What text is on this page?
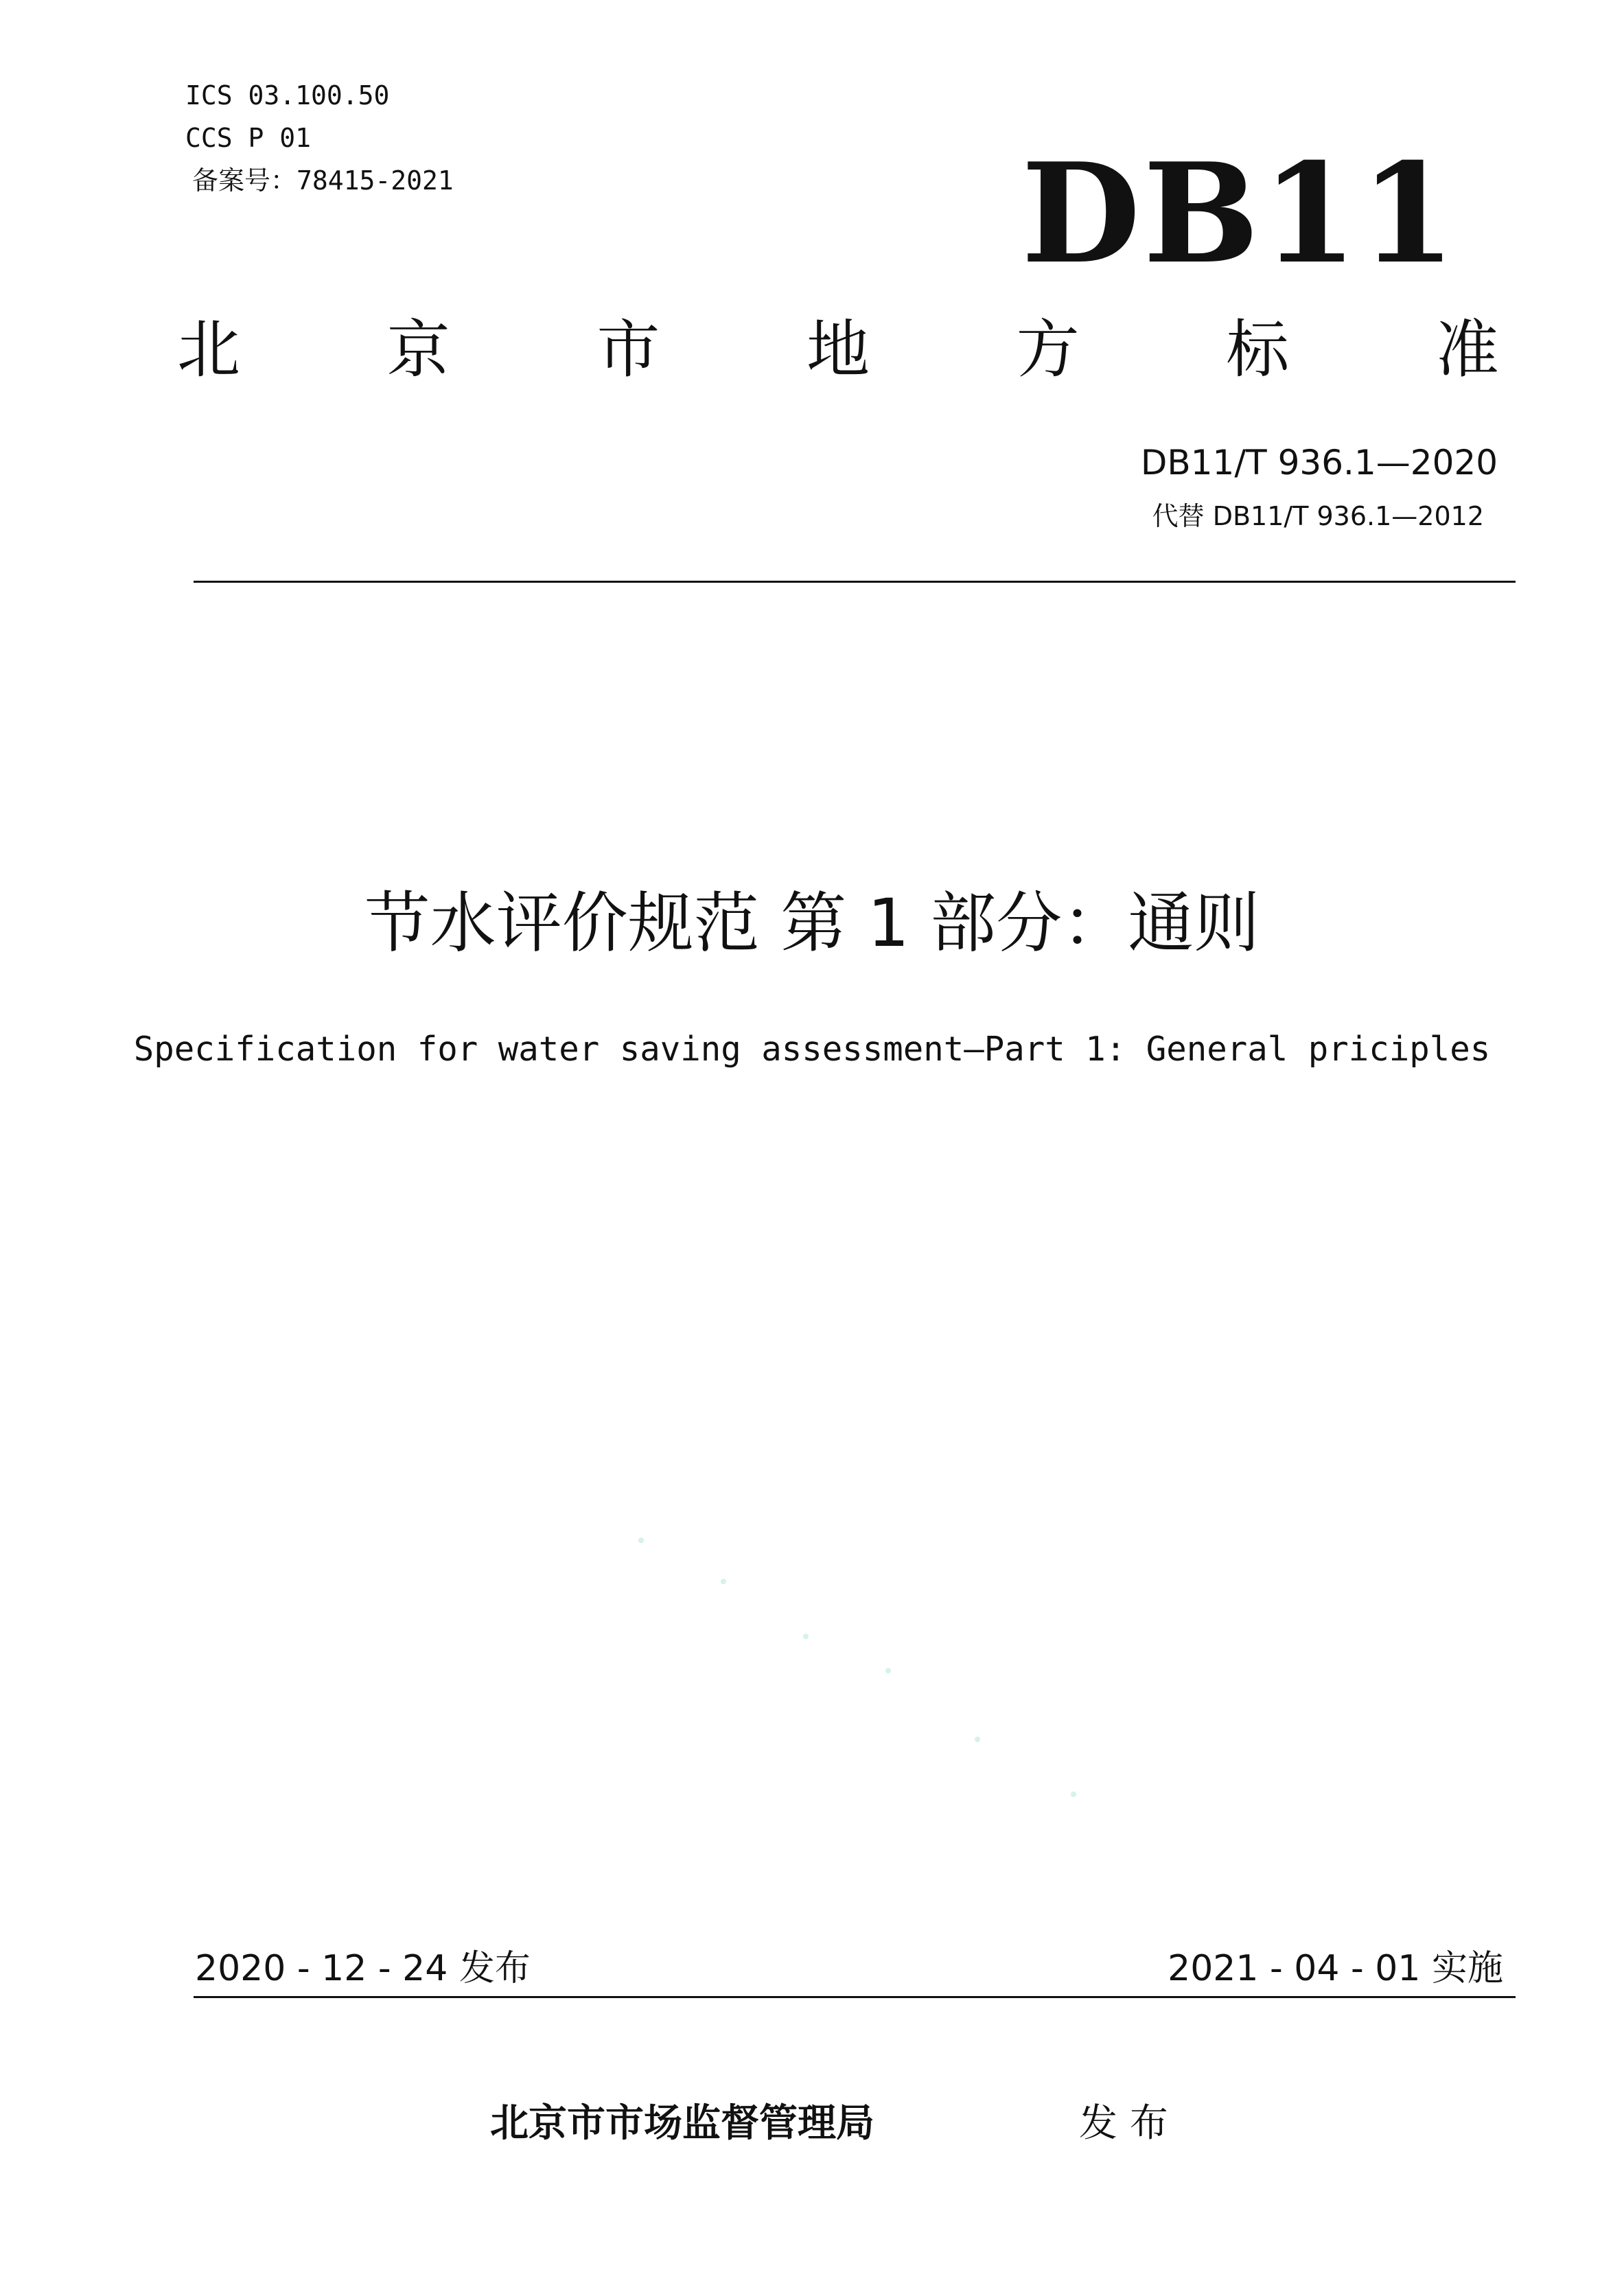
ICS 03.100.50
CCS P 01
备案号：78415-2021	DB11
北 京 市 地 方 标 准
DB11/T 936.1—2020
代替 DB11/T 936.1—2012
节水评价规范 第 1 部分：通则
Specification for water saving assessment—Part 1: General priciples
2020 - 12 - 24 发布	2021 - 04 - 01 实施
北京市市场监督管理局	发 布
